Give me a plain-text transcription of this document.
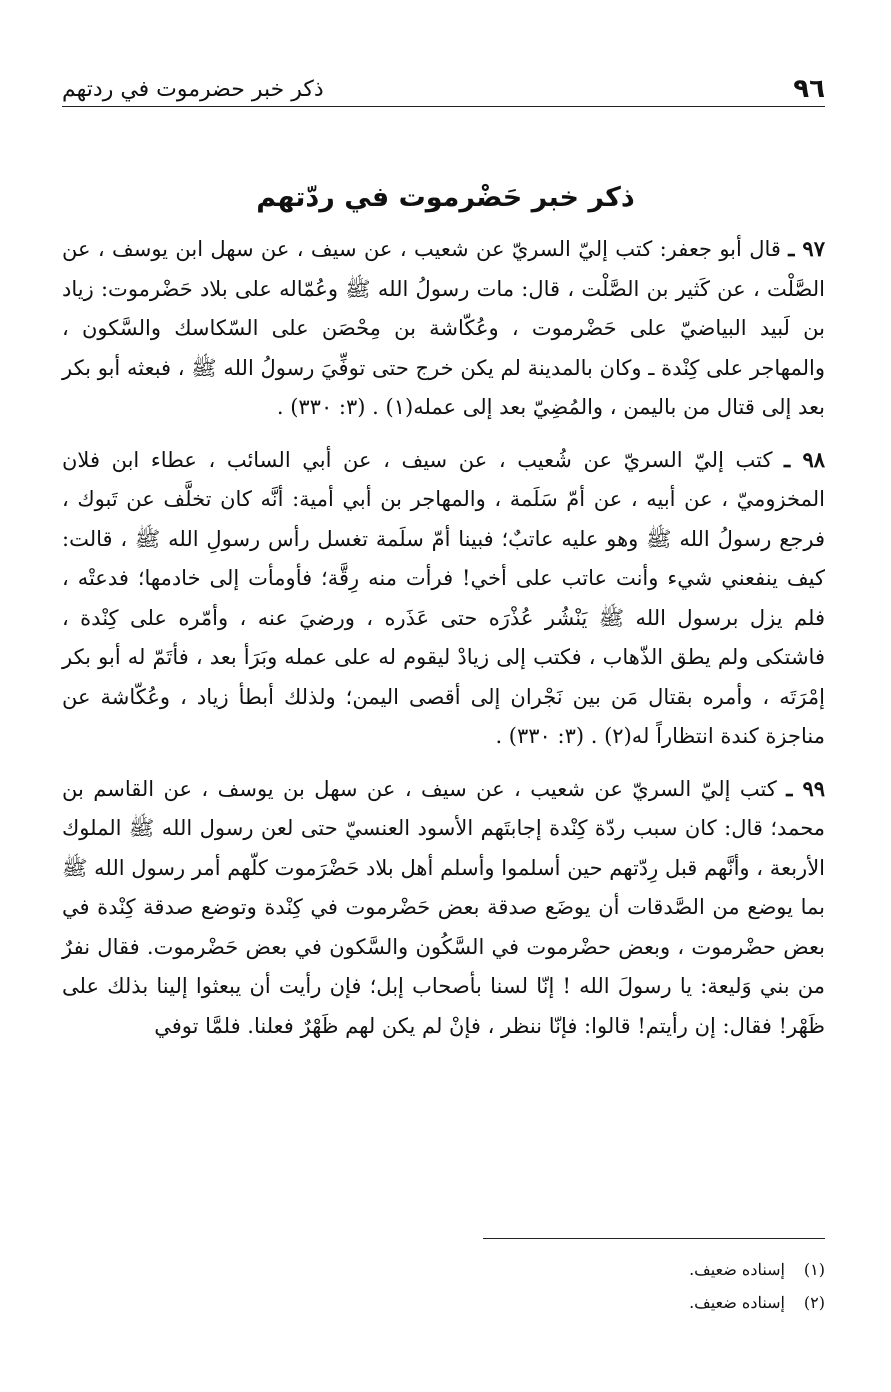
٩٦
ذكر خبر حضرموت في ردتهم
ذكر خبر حَضْرموت في ردّتهم

٩٧ ـ قال أبو جعفر: كتب إليّ السريّ عن شعيب ، عن سيف ، عن سهل ابن يوسف ، عن الصَّلْت ، عن كَثير بن الصَّلْت ، قال: مات رسولُ الله ﷺ وعُمّاله على بلاد حَضْرموت: زياد بن لَبيد البياضيّ على حَضْرموت ، وعُكّاشة بن مِحْصَن على السّكاسك والسَّكون ، والمهاجر على كِنْدة ـ وكان بالمدينة لم يكن خرج حتى توفِّيَ رسولُ الله ﷺ ، فبعثه أبو بكر بعد إلى قتال من باليمن ، والمُضِيّ بعد إلى عمله(١) . (٣: ٣٣٠) .

٩٨ ـ كتب إليّ السريّ عن شُعيب ، عن سيف ، عن أبي السائب ، عطاء ابن فلان المخزوميّ ، عن أبيه ، عن أمّ سَلَمة ، والمهاجر بن أبي أمية: أنَّه كان تخلَّف عن تَبوك ، فرجع رسولُ الله ﷺ وهو عليه عاتبٌ؛ فبينا أمّ سلَمة تغسل رأس رسولِ الله ﷺ ، قالت: كيف ينفعني شيء وأنت عاتب على أخي! فرأت منه رِقَّة؛ فأومأت إلى خادمها؛ فدعتْه ، فلم يزل برسول الله ﷺ يَنْشُر عُذْرَه حتى عَذَره ، ورضيَ عنه ، وأمّره على كِنْدة ، فاشتكى ولم يطق الذّهاب ، فكتب إلى زيادْ ليقوم له على عمله وبَرَأ بعد ، فأتَمّ له أبو بكر إمْرَتَه ، وأمره بقتال مَن بين نَجْران إلى أقصى اليمن؛ ولذلك أبطأ زياد ، وعُكّاشة عن مناجزة كندة انتظاراً له(٢) . (٣: ٣٣٠) .

٩٩ ـ كتب إليّ السريّ عن شعيب ، عن سيف ، عن سهل بن يوسف ، عن القاسم بن محمد؛ قال: كان سبب ردّة كِنْدة إجابتَهم الأسود العنسيّ حتى لعن رسول الله ﷺ الملوك الأربعة ، وأنَّهم قبل رِدّتهم حين أسلموا وأسلم أهل بلاد حَضْرَموت كلّهم أمر رسول الله ﷺ بما يوضع من الصَّدقات أن يوضَع صدقة بعض حَضْرموت في كِنْدة وتوضع صدقة كِنْدة في بعض حضْرموت ، وبعض حضْرموت في السَّكُون والسَّكون في بعض حَضْرموت. فقال نفرٌ من بني وَليعة: يا رسولَ الله ! إنّا لسنا بأصحاب إبل؛ فإن رأيت أن يبعثوا إلينا بذلك على ظَهْر! فقال: إن رأيتم! قالوا: فإنّا ننظر ، فإنْ لم يكن لهم ظَهْرٌ فعلنا. فلمَّا توفي

(١)إسناده ضعيف.
(٢)إسناده ضعيف.
